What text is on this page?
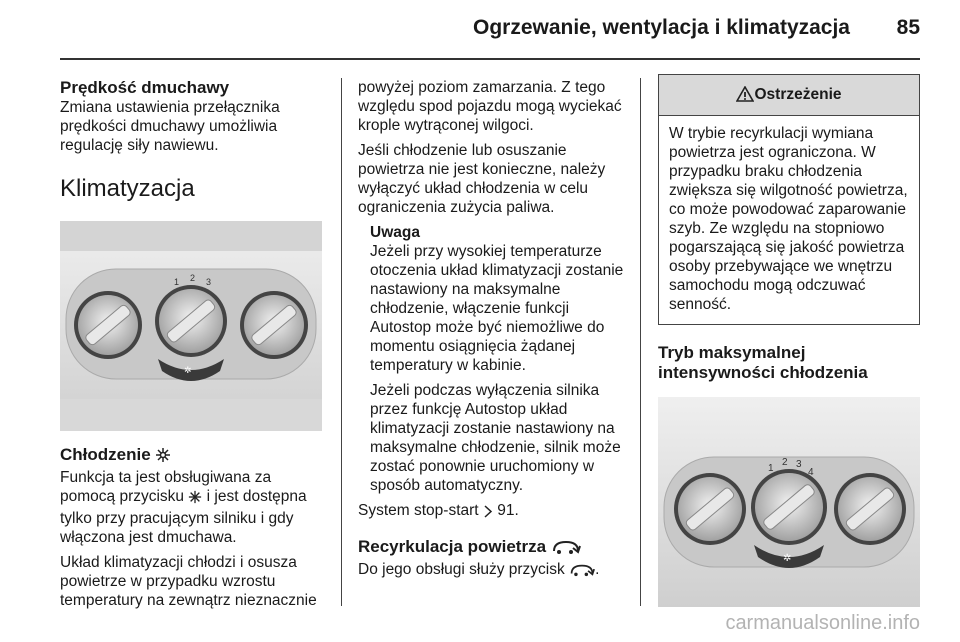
Ogrzewanie, wentylacja i klimatyzacja	85
Prędkość dmuchawy

Zmiana ustawienia przełącznika prędkości dmuchawy umożliwia regulację siły nawiewu.

Klimatyzacja
1 2 3
✲
Chłodzenie

Funkcja ta jest obsługiwana za pomocą przycisku i jest dostępna tylko przy pracującym silniku i gdy włączona jest dmuchawa.

Układ klimatyzacji chłodzi i osusza powietrze w przypadku wzrostu temperatury na zewnątrz nieznacznie

powyżej poziom zamarzania. Z tego względu spod pojazdu mogą wyciekać krople wytrąconej wilgoci.

Jeśli chłodzenie lub osuszanie powietrza nie jest konieczne, należy wyłączyć układ chłodzenia w celu ograniczenia zużycia paliwa.

Uwaga

Jeżeli przy wysokiej temperaturze otoczenia układ klimatyzacji zostanie nastawiony na maksymalne chłodzenie, włączenie funkcji Autostop może być niemożliwe do momentu osiągnięcia żądanej temperatury w kabinie.

Jeżeli podczas wyłączenia silnika przez funkcję Autostop układ klimatyzacji zostanie nastawiony na maksymalne chłodzenie, silnik może zostać ponownie uruchomiony w sposób automatyczny.

System stop-start 91.

Recyrkulacja powietrza

Do jego obsługi służy przycisk .

Ostrzeżenie

W trybie recyrkulacji wymiana powietrza jest ograniczona. W przypadku braku chłodzenia zwiększa się wilgotność powietrza, co może powodować zaparowanie szyb. Ze względu na stopniowo pogarszającą się jakość powietrza osoby przebywające we wnętrzu samochodu mogą odczuwać senność.

Tryb maksymalnej intensywności chłodzenia
1
2 3
4
✲
carmanualsonline.info
